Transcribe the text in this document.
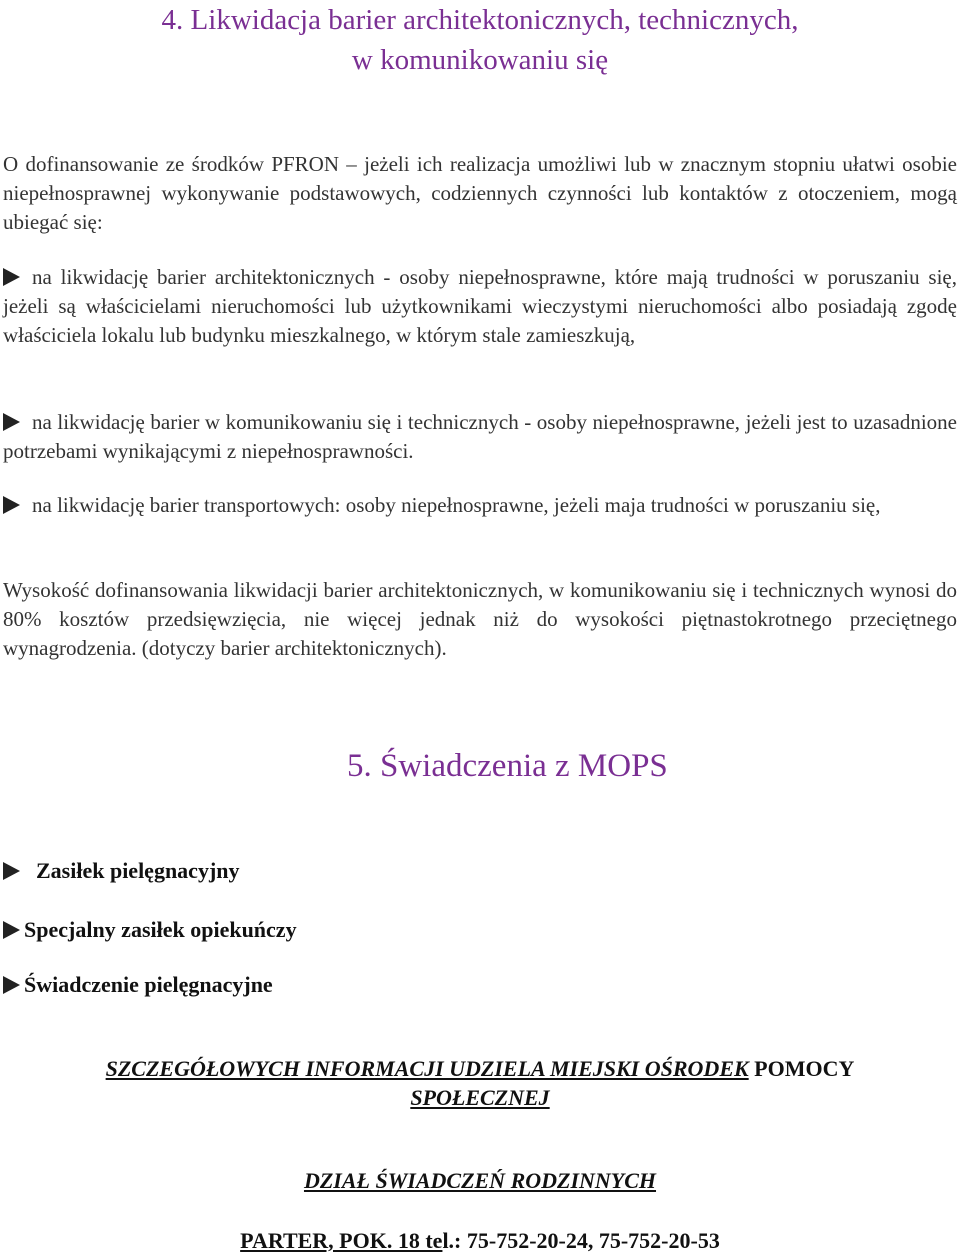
4. Likwidacja barier architektonicznych, technicznych,
w komunikowaniu się

O dofinansowanie ze środków PFRON – jeżeli ich realizacja umożliwi lub w znacznym stopniu ułatwi osobie niepełnosprawnej wykonywanie podstawowych, codziennych czynności lub kontaktów z otoczeniem, mogą ubiegać się:

na likwidację barier architektonicznych - osoby niepełnosprawne, które mają trudności w poruszaniu się, jeżeli są właścicielami nieruchomości lub użytkownikami wieczystymi nieruchomości albo posiadają zgodę właściciela lokalu lub budynku mieszkalnego, w którym stale zamieszkują,

na likwidację barier w komunikowaniu się i technicznych - osoby niepełnosprawne, jeżeli jest to uzasadnione potrzebami wynikającymi z niepełnosprawności.

na likwidację barier transportowych: osoby niepełnosprawne, jeżeli maja trudności w poruszaniu się,

Wysokość dofinansowania likwidacji barier architektonicznych, w komunikowaniu się i technicznych wynosi do 80% kosztów przedsięwzięcia, nie więcej jednak niż do wysokości piętnastokrotnego przeciętnego wynagrodzenia. (dotyczy barier architektonicznych).

5. Świadczenia z MOPS

Zasiłek pielęgnacyjny

Specjalny zasiłek opiekuńczy

Świadczenie pielęgnacyjne

SZCZEGÓŁOWYCH INFORMACJI UDZIELA MIEJSKI OŚRODEK POMOCY

SPOŁECZNEJ

DZIAŁ ŚWIADCZEŃ RODZINNYCH

PARTER, POK. 18 tel.: 75-752-20-24, 75-752-20-53
